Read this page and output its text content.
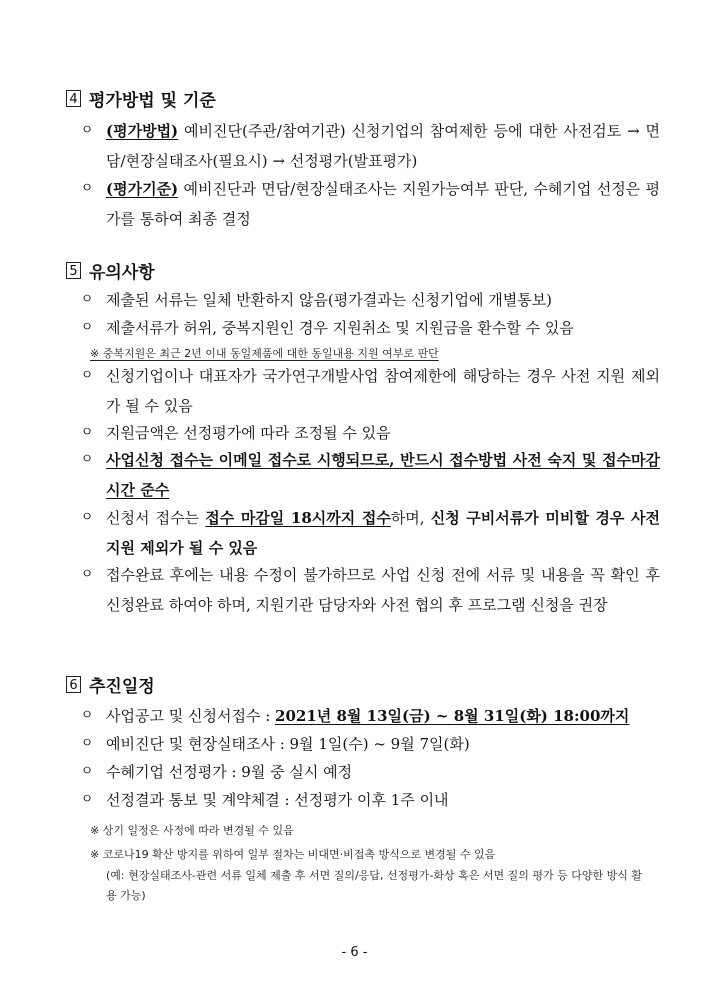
4 평가방법 및 기준
ㅇ (평가방법) 예비진단(주관/참여기관) 신청기업의 참여제한 등에 대한 사전검토 → 면담/현장실태조사(필요시) → 선정평가(발표평가)
ㅇ (평가기준) 예비진단과 면담/현장실태조사는 지원가능여부 판단, 수혜기업 선정은 평가를 통하여 최종 결정
5 유의사항
ㅇ 제출된 서류는 일체 반환하지 않음(평가결과는 신청기업에 개별통보)
ㅇ 제출서류가 허위, 중복지원인 경우 지원취소 및 지원금을 환수할 수 있음
※ 중복지원은 최근 2년 이내 동일제품에 대한 동일내용 지원 여부로 판단
ㅇ 신청기업이나 대표자가 국가연구개발사업 참여제한에 해당하는 경우 사전 지원 제외가 될 수 있음
ㅇ 지원금액은 선정평가에 따라 조정될 수 있음
ㅇ 사업신청 접수는 이메일 접수로 시행되므로, 반드시 접수방법 사전 숙지 및 접수마감 시간 준수
ㅇ 신청서 접수는 접수 마감일 18시까지 접수하며, 신청 구비서류가 미비할 경우 사전 지원 제외가 될 수 있음
ㅇ 접수완료 후에는 내용 수정이 불가하므로 사업 신청 전에 서류 및 내용을 꼭 확인 후 신청완료 하여야 하며, 지원기관 담당자와 사전 협의 후 프로그램 신청을 권장
6 추진일정
ㅇ 사업공고 및 신청서접수 : 2021년 8월 13일(금) ~ 8월 31일(화) 18:00까지
ㅇ 예비진단 및 현장실태조사 : 9월 1일(수) ~ 9월 7일(화)
ㅇ 수혜기업 선정평가 : 9월 중 실시 예정
ㅇ 선정결과 통보 및 계약체결 : 선정평가 이후 1주 이내
※ 상기 일정은 사정에 따라 변경될 수 있음
※ 코로나19 확산 방지를 위하여 일부 절차는 비대면·비접촉 방식으로 변경될 수 있음
(예: 현장실태조사-관련 서류 일체 제출 후 서면 질의/응답, 선정평가-화상 혹은 서면 질의 평가 등 다양한 방식 활용 가능)
- 6 -
